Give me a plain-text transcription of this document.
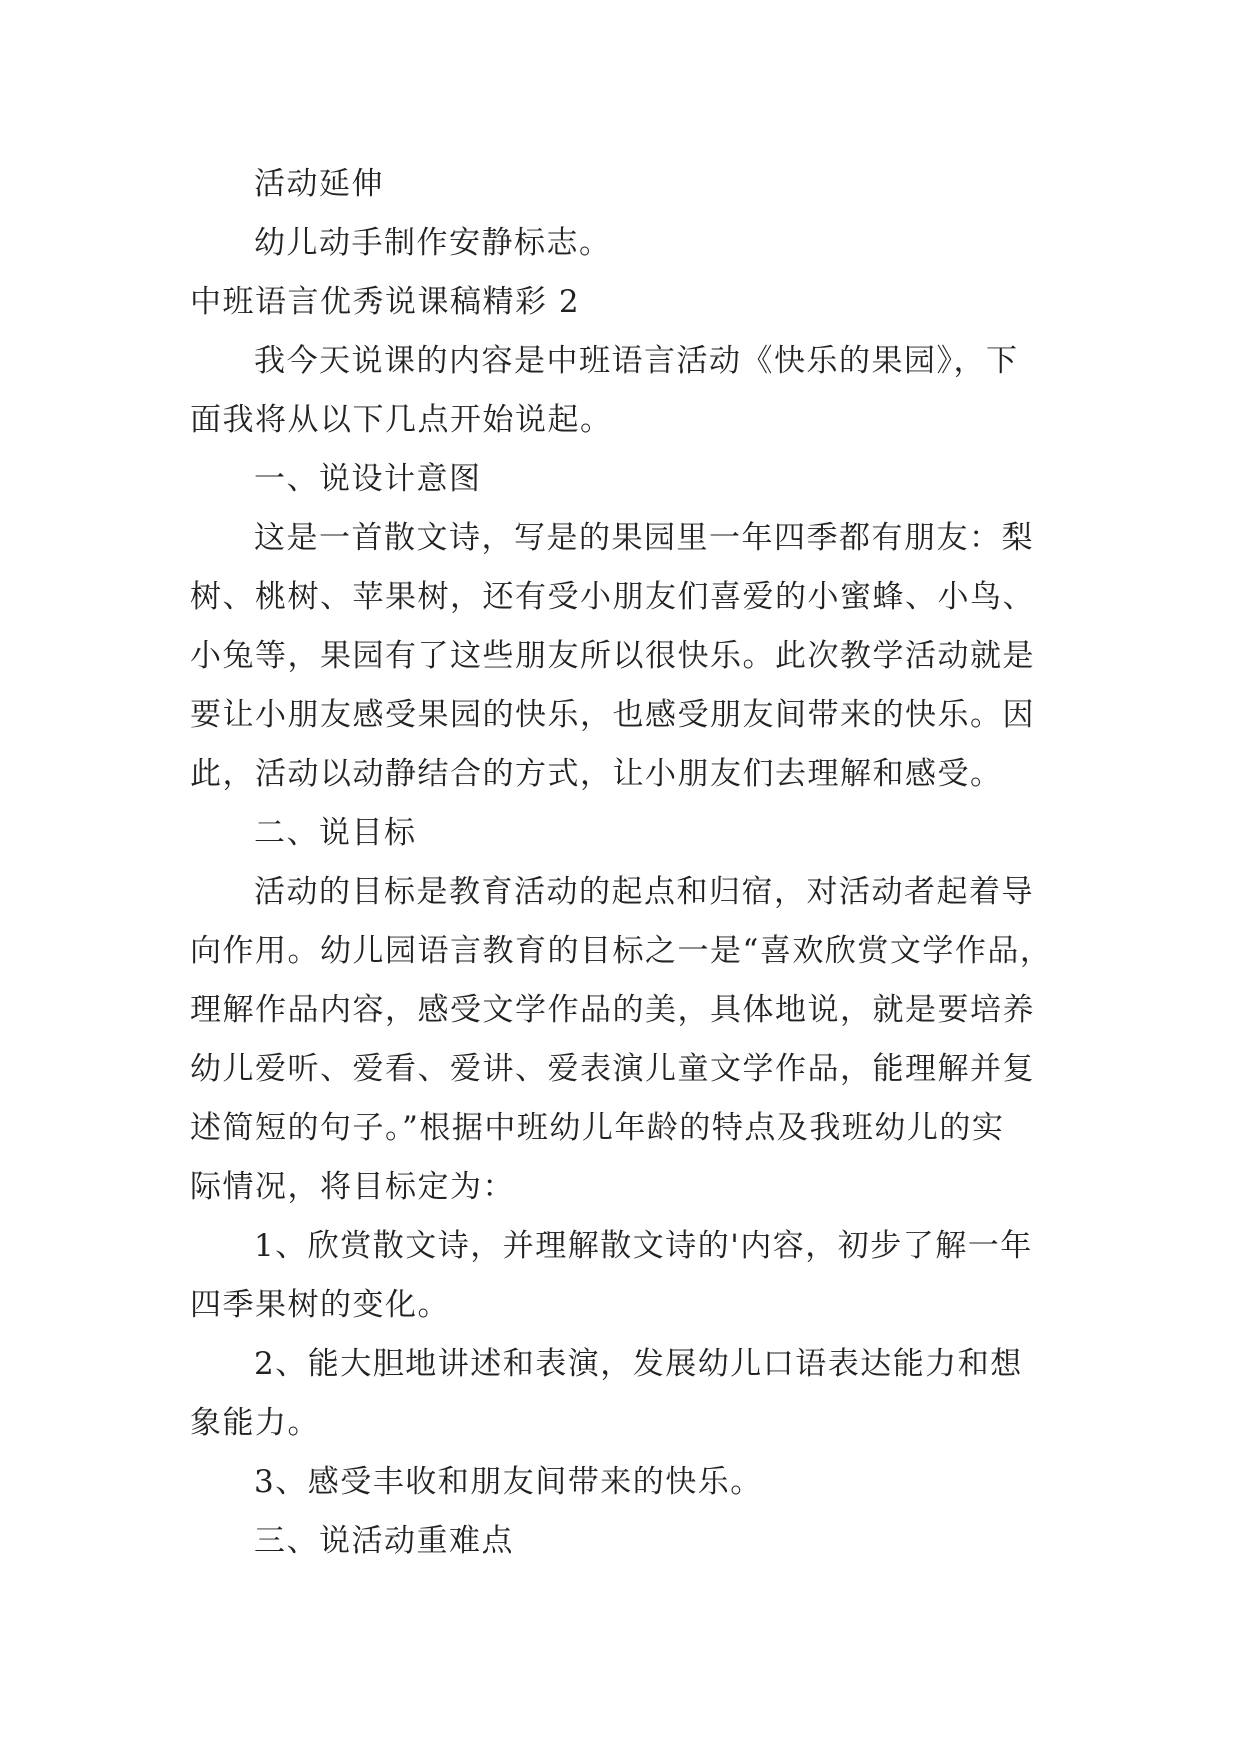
活动延伸

幼儿动手制作安静标志。

中班语言优秀说课稿精彩 2

我今天说课的内容是中班语言活动《快乐的果园》，下
面我将从以下几点开始说起。

一、说设计意图

这是一首散文诗，写是的果园里一年四季都有朋友：梨
树、桃树、苹果树，还有受小朋友们喜爱的小蜜蜂、小鸟、
小兔等，果园有了这些朋友所以很快乐。此次教学活动就是
要让小朋友感受果园的快乐，也感受朋友间带来的快乐。因
此，活动以动静结合的方式，让小朋友们去理解和感受。

二、说目标

活动的目标是教育活动的起点和归宿，对活动者起着导
向作用。幼儿园语言教育的目标之一是“喜欢欣赏文学作品，
理解作品内容，感受文学作品的美，具体地说，就是要培养
幼儿爱听、爱看、爱讲、爱表演儿童文学作品，能理解并复
述简短的句子。”根据中班幼儿年龄的特点及我班幼儿的实
际情况，将目标定为：

1、欣赏散文诗，并理解散文诗的'内容，初步了解一年
四季果树的变化。

2、能大胆地讲述和表演，发展幼儿口语表达能力和想
象能力。

3、感受丰收和朋友间带来的快乐。

三、说活动重难点
